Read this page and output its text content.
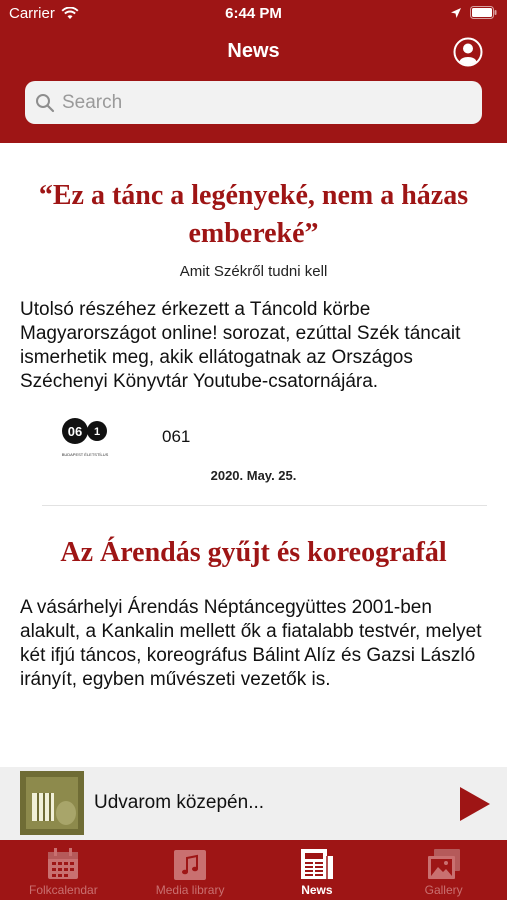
Carrier	6:44 PM
News
Search
“Ez a tánc a legényeké, nem a házas embereké”
Amit Székről tudni kell
Utolsó részéhez érkezett a Táncold körbe Magyarországot online! sorozat, ezúttal Szék táncait ismerhetik meg, akik ellátogatnak az Országos Széchenyi Könyvtár Youtube-csatornájára.
06 1
BUDAPEST ÉLETSTÍLUS
061
2020. May. 25.
Az Árendás gyűjt és koreografál
A vásárhelyi Árendás Néptáncegyüttes 2001-ben alakult, a Kankalin mellett ők a fiatalabb testvér, melyet két ifjú táncos, koreográfus Bálint Alíz és Gazsi László irányít, egyben művészeti vezetők is.
Udvarom közepén...
Folkcalendar	Media library	News	Gallery
